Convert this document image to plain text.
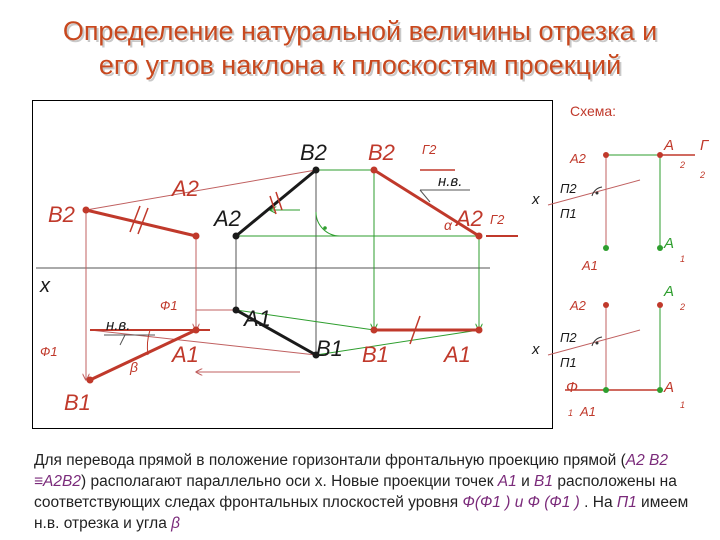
Определение натуральной величины отрезка и
его углов наклона к плоскостям проекций
x
B2
A2
A2
B2
A1
B1
B2
A2
B1	A1
B1
A1
Г2
Г2
Ф1
Ф1
н.в.
н.в.
α
β
Схема:
A2
A
2
Г
2
x
П2
П1
A1
A
1
A2
A
2
x
П2
П1
Ф
1 A1
A
1
Для перевода прямой в положение горизонтали фронтальную проекцию прямой (A2 B2 ≡A2B2) располагают параллельно оси х. Новые проекции точек A1 и B1 расположены на соответствующих следах фронтальных плоскостей уровня Ф(Ф1 ) и Ф (Ф1 ) . На П1 имеем н.в. отрезка и угла β
